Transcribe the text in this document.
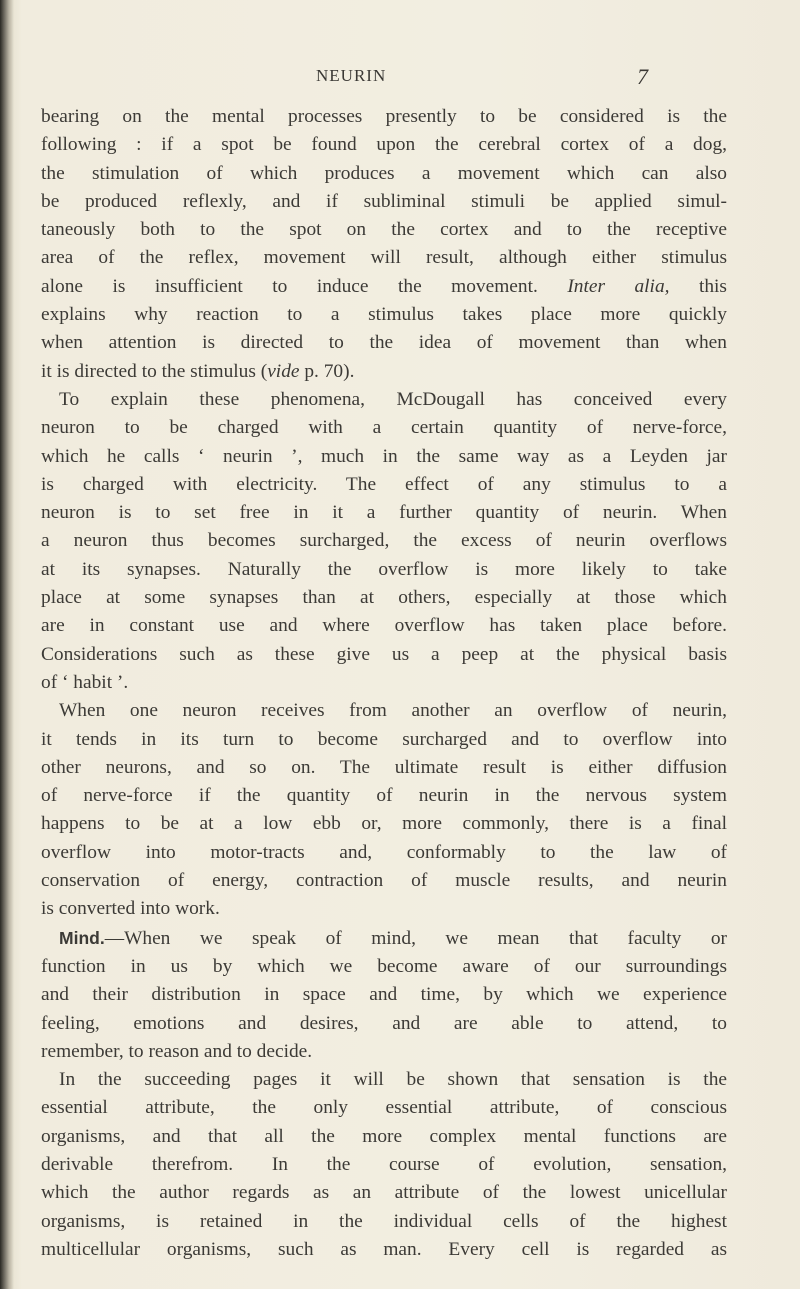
NEURIN	7
bearing on the mental processes presently to be considered is the
following : if a spot be found upon the cerebral cortex of a dog,
the stimulation of which produces a movement which can also
be produced reflexly, and if subliminal stimuli be applied simul-
taneously both to the spot on the cortex and to the receptive
area of the reflex, movement will result, although either stimulus
alone is insufficient to induce the movement. Inter alia, this
explains why reaction to a stimulus takes place more quickly
when attention is directed to the idea of movement than when
it is directed to the stimulus (vide p. 70).
To explain these phenomena, McDougall has conceived every
neuron to be charged with a certain quantity of nerve-force,
which he calls ‘ neurin ’, much in the same way as a Leyden jar
is charged with electricity. The effect of any stimulus to a
neuron is to set free in it a further quantity of neurin. When
a neuron thus becomes surcharged, the excess of neurin overflows
at its synapses. Naturally the overflow is more likely to take
place at some synapses than at others, especially at those which
are in constant use and where overflow has taken place before.
Considerations such as these give us a peep at the physical basis
of ‘ habit ’.
When one neuron receives from another an overflow of neurin,
it tends in its turn to become surcharged and to overflow into
other neurons, and so on. The ultimate result is either diffusion
of nerve-force if the quantity of neurin in the nervous system
happens to be at a low ebb or, more commonly, there is a final
overflow into motor-tracts and, conformably to the law of
conservation of energy, contraction of muscle results, and neurin
is converted into work.
Mind.—When we speak of mind, we mean that faculty or
function in us by which we become aware of our surroundings
and their distribution in space and time, by which we experience
feeling, emotions and desires, and are able to attend, to
remember, to reason and to decide.
In the succeeding pages it will be shown that sensation is the
essential attribute, the only essential attribute, of conscious
organisms, and that all the more complex mental functions are
derivable therefrom. In the course of evolution, sensation,
which the author regards as an attribute of the lowest unicellular
organisms, is retained in the individual cells of the highest
multicellular organisms, such as man. Every cell is regarded as
